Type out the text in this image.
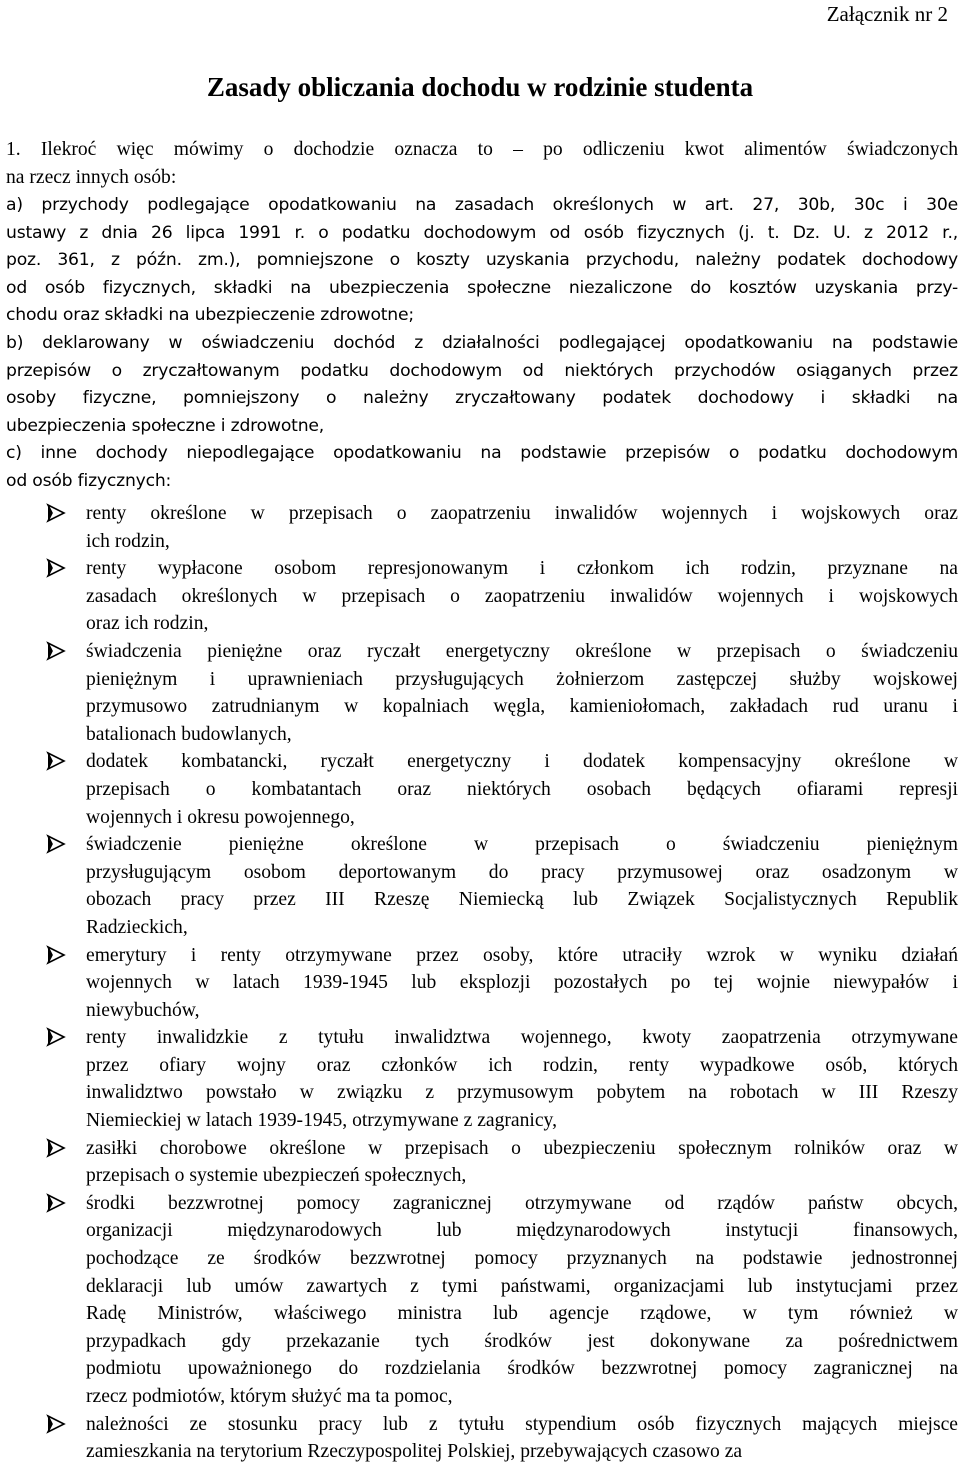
Załącznik nr 2
Zasady obliczania dochodu w rodzinie studenta
1. Ilekroć więc mówimy o dochodzie oznacza to – po odliczeniu kwot alimentów świadczonych
na rzecz innych osób:
a) przychody podlegające opodatkowaniu na zasadach określonych w art. 27, 30b, 30c i 30e
ustawy z dnia 26 lipca 1991 r. o podatku dochodowym od osób fizycznych (j. t. Dz. U. z 2012 r.,
poz. 361, z późn. zm.), pomniejszone o koszty uzyskania przychodu, należny podatek dochodowy
od osób fizycznych, składki na ubezpieczenia społeczne niezaliczone do kosztów uzyskania przy-
chodu oraz składki na ubezpieczenie zdrowotne;
b) deklarowany w oświadczeniu dochód z działalności podlegającej opodatkowaniu na podstawie
przepisów o zryczałtowanym podatku dochodowym od niektórych przychodów osiąganych przez
osoby fizyczne, pomniejszony o należny zryczałtowany podatek dochodowy i składki na
ubezpieczenia społeczne i zdrowotne,
c) inne dochody niepodlegające opodatkowaniu na podstawie przepisów o podatku dochodowym
od osób fizycznych:
renty określone w przepisach o zaopatrzeniu inwalidów wojennych i wojskowych oraz
ich rodzin,
renty wypłacone osobom represjonowanym i członkom ich rodzin, przyznane na
zasadach określonych w przepisach o zaopatrzeniu inwalidów wojennych i wojskowych
oraz ich rodzin,
świadczenia pieniężne oraz ryczałt energetyczny określone w przepisach o świadczeniu
pieniężnym i uprawnieniach przysługujących żołnierzom zastępczej służby wojskowej
przymusowo zatrudnianym w kopalniach węgla, kamieniołomach, zakładach rud uranu i
batalionach budowlanych,
dodatek kombatancki, ryczałt energetyczny i dodatek kompensacyjny określone w
przepisach o kombatantach oraz niektórych osobach będących ofiarami represji
wojennych i okresu powojennego,
świadczenie pieniężne określone w przepisach o świadczeniu pieniężnym
przysługującym osobom deportowanym do pracy przymusowej oraz osadzonym w
obozach pracy przez III Rzeszę Niemiecką lub Związek Socjalistycznych Republik
Radzieckich,
emerytury i renty otrzymywane przez osoby, które utraciły wzrok w wyniku działań
wojennych w latach 1939-1945 lub eksplozji pozostałych po tej wojnie niewypałów i
niewybuchów,
renty inwalidzkie z tytułu inwalidztwa wojennego, kwoty zaopatrzenia otrzymywane
przez ofiary wojny oraz członków ich rodzin, renty wypadkowe osób, których
inwalidztwo powstało w związku z przymusowym pobytem na robotach w III Rzeszy
Niemieckiej w latach 1939-1945, otrzymywane z zagranicy,
zasiłki chorobowe określone w przepisach o ubezpieczeniu społecznym rolników oraz w
przepisach o systemie ubezpieczeń społecznych,
środki bezzwrotnej pomocy zagranicznej otrzymywane od rządów państw obcych,
organizacji międzynarodowych lub międzynarodowych instytucji finansowych,
pochodzące ze środków bezzwrotnej pomocy przyznanych na podstawie jednostronnej
deklaracji lub umów zawartych z tymi państwami, organizacjami lub instytucjami przez
Radę Ministrów, właściwego ministra lub agencje rządowe, w tym również w
przypadkach gdy przekazanie tych środków jest dokonywane za pośrednictwem
podmiotu upoważnionego do rozdzielania środków bezzwrotnej pomocy zagranicznej na
rzecz podmiotów, którym służyć ma ta pomoc,
należności ze stosunku pracy lub z tytułu stypendium osób fizycznych mających miejsce
zamieszkania na terytorium Rzeczypospolitej Polskiej, przebywających czasowo za
